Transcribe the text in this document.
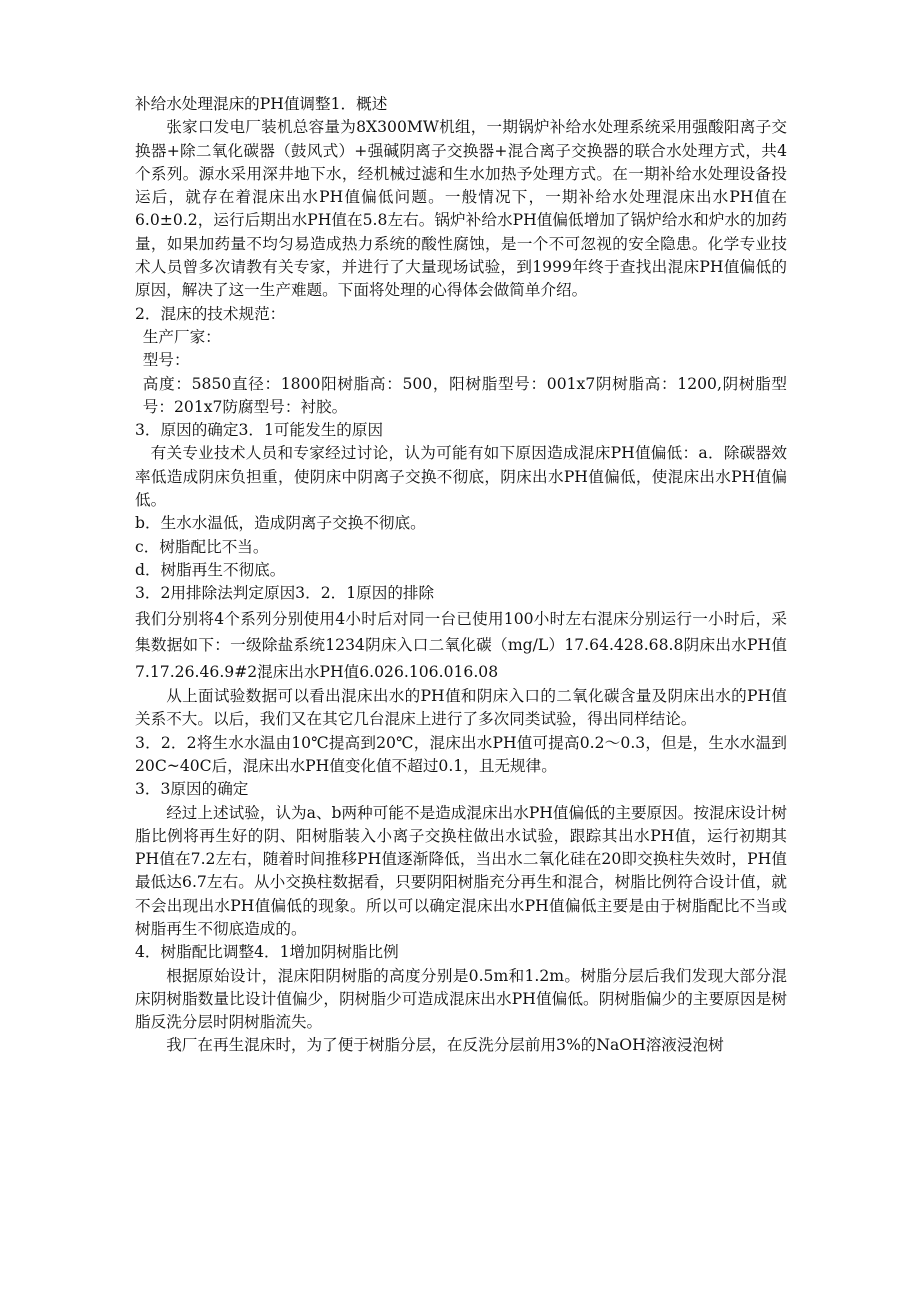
补给水处理混床的PH值调整1．概述

张家口发电厂装机总容量为8X300MW机组，一期锅炉补给水处理系统采用强酸阳离子交换器+除二氧化碳器（鼓风式）+强碱阴离子交换器+混合离子交换器的联合水处理方式，共4个系列。源水采用深井地下水，经机械过滤和生水加热予处理方式。在一期补给水处理设备投运后，就存在着混床出水PH值偏低问题。一般情况下，一期补给水处理混床出水PH值在6.0±0.2，运行后期出水PH值在5.8左右。锅炉补给水PH值偏低增加了锅炉给水和炉水的加药量，如果加药量不均匀易造成热力系统的酸性腐蚀，是一个不可忽视的安全隐患。化学专业技术人员曾多次请教有关专家，并进行了大量现场试验，到1999年终于查找出混床PH值偏低的原因，解决了这一生产难题。下面将处理的心得体会做简单介绍。

2．混床的技术规范：

生产厂家：

型号：

高度：5850直径：1800阳树脂高：500，阳树脂型号：001x7阴树脂高：1200,阴树脂型号：201x7防腐型号：衬胶。

3．原因的确定3．1可能发生的原因

有关专业技术人员和专家经过讨论，认为可能有如下原因造成混床PH值偏低：a．除碳器效率低造成阴床负担重，使阴床中阴离子交换不彻底，阴床出水PH值偏低，使混床出水PH值偏低。

b．生水水温低，造成阴离子交换不彻底。

c．树脂配比不当。

d．树脂再生不彻底。

3．2用排除法判定原因3．2．1原因的排除

我们分别将4个系列分别使用4小时后对同一台已使用100小时左右混床分别运行一小时后，采集数据如下：一级除盐系统1234阴床入口二氧化碳（mg/L）17.64.428.68.8阴床出水PH值7.17.26.46.9#2混床出水PH值6.026.106.016.08

从上面试验数据可以看出混床出水的PH值和阴床入口的二氧化碳含量及阴床出水的PH值关系不大。以后，我们又在其它几台混床上进行了多次同类试验，得出同样结论。

3．2．2将生水水温由10℃提高到20℃，混床出水PH值可提高0.2〜0.3，但是，生水水温到20C~40C后，混床出水PH值变化值不超过0.1，且无规律。

3．3原因的确定

经过上述试验，认为a、b两种可能不是造成混床出水PH值偏低的主要原因。按混床设计树脂比例将再生好的阴、阳树脂装入小离子交换柱做出水试验，跟踪其出水PH值，运行初期其PH值在7.2左右，随着时间推移PH值逐渐降低，当出水二氧化硅在20即交换柱失效时，PH值最低达6.7左右。从小交换柱数据看，只要阴阳树脂充分再生和混合，树脂比例符合设计值，就不会出现出水PH值偏低的现象。所以可以确定混床出水PH值偏低主要是由于树脂配比不当或树脂再生不彻底造成的。

4．树脂配比调整4．1增加阴树脂比例

根据原始设计，混床阳阴树脂的高度分别是0.5m和1.2m。树脂分层后我们发现大部分混床阴树脂数量比设计值偏少，阴树脂少可造成混床出水PH值偏低。阴树脂偏少的主要原因是树脂反洗分层时阴树脂流失。

我厂在再生混床时，为了便于树脂分层，在反洗分层前用3%的NaOH溶液浸泡树
